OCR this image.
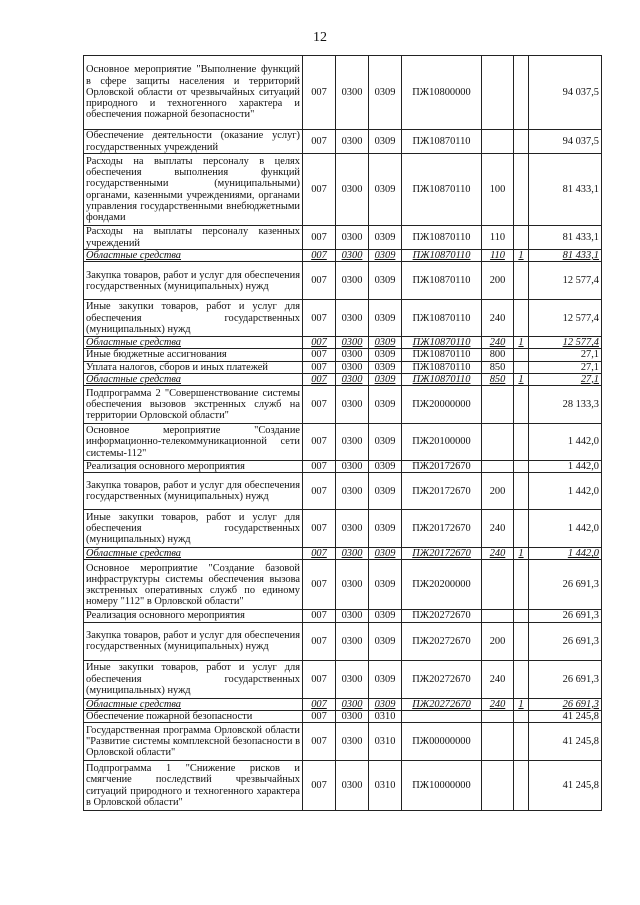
12
Основное мероприятие "Выполнение функций в сфере защиты населения и территорий Орловской области от чрезвычайных ситуаций природного и техногенного характера и обеспечения пожарной безопасности"	007	0300	0309	ПЖ10800000			94 037,5
Обеспечение деятельности (оказание услуг) государственных учреждений	007	0300	0309	ПЖ10870110			94 037,5
Расходы на выплаты персоналу в целях обеспечения выполнения функций государственными (муниципальными) органами, казенными учреждениями, органами управления государственными внебюджетными фондами	007	0300	0309	ПЖ10870110	100		81 433,1
Расходы на выплаты персоналу казенных учреждений	007	0300	0309	ПЖ10870110	110		81 433,1
Областные средства	007	0300	0309	ПЖ10870110	110	1	81 433,1
Закупка товаров, работ и услуг для обеспечения государственных (муниципальных) нужд	007	0300	0309	ПЖ10870110	200		12 577,4
Иные закупки товаров, работ и услуг для обеспечения государственных (муниципальных) нужд	007	0300	0309	ПЖ10870110	240		12 577,4
Областные средства	007	0300	0309	ПЖ10870110	240	1	12 577,4
Иные бюджетные ассигнования	007	0300	0309	ПЖ10870110	800		27,1
Уплата налогов, сборов и иных платежей	007	0300	0309	ПЖ10870110	850		27,1
Областные средства	007	0300	0309	ПЖ10870110	850	1	27,1
Подпрограмма 2 "Совершенствование системы обеспечения вызовов экстренных служб на территории Орловской области"	007	0300	0309	ПЖ20000000			28 133,3
Основное мероприятие "Создание информационно-телекоммуникационной сети системы-112"	007	0300	0309	ПЖ20100000			1 442,0
Реализация основного мероприятия	007	0300	0309	ПЖ20172670			1 442,0
Закупка товаров, работ и услуг для обеспечения государственных (муниципальных) нужд	007	0300	0309	ПЖ20172670	200		1 442,0
Иные закупки товаров, работ и услуг для обеспечения государственных (муниципальных) нужд	007	0300	0309	ПЖ20172670	240		1 442,0
Областные средства	007	0300	0309	ПЖ20172670	240	1	1 442,0
Основное мероприятие "Создание базовой инфраструктуры системы обеспечения вызова экстренных оперативных служб по единому номеру "112" в Орловской области"	007	0300	0309	ПЖ20200000			26 691,3
Реализация основного мероприятия	007	0300	0309	ПЖ20272670			26 691,3
Закупка товаров, работ и услуг для обеспечения государственных (муниципальных) нужд	007	0300	0309	ПЖ20272670	200		26 691,3
Иные закупки товаров, работ и услуг для обеспечения государственных (муниципальных) нужд	007	0300	0309	ПЖ20272670	240		26 691,3
Областные средства	007	0300	0309	ПЖ20272670	240	1	26 691,3
Обеспечение пожарной безопасности	007	0300	0310				41 245,8
Государственная программа Орловской области "Развитие системы комплексной безопасности в Орловской области"	007	0300	0310	ПЖ00000000			41 245,8
Подпрограмма 1 "Снижение рисков и смягчение последствий чрезвычайных ситуаций природного и техногенного характера в Орловской области"	007	0300	0310	ПЖ10000000			41 245,8
